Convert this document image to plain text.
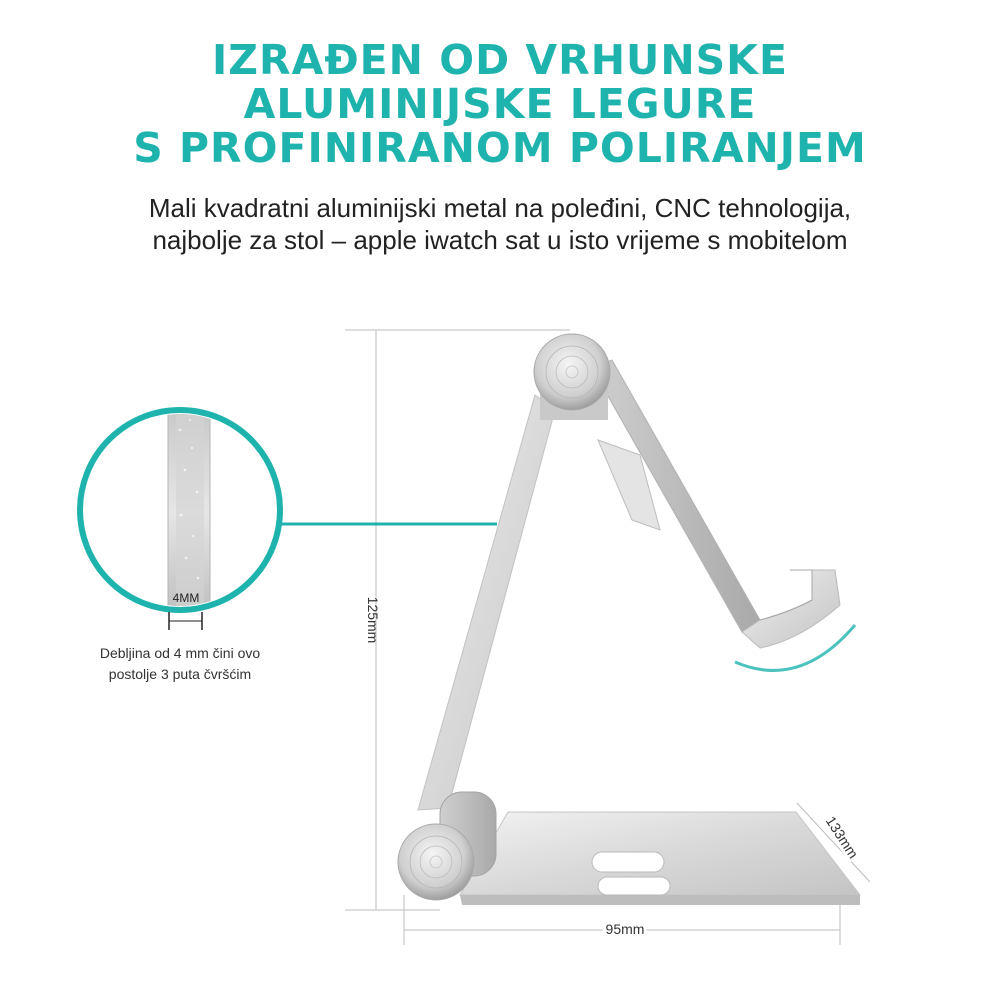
IZRAĐEN OD VRHUNSKE
ALUMINIJSKE LEGURE
S PROFINIRANOM POLIRANJEM

Mali kvadratni aluminijski metal na poleđini, CNC tehnologija,
najbolje za stol – apple iwatch sat u isto vrijeme s mobitelom

4MM	125mm
95mm
133mm

Debljina od 4 mm čini ovo
postolje 3 puta čvršćim
